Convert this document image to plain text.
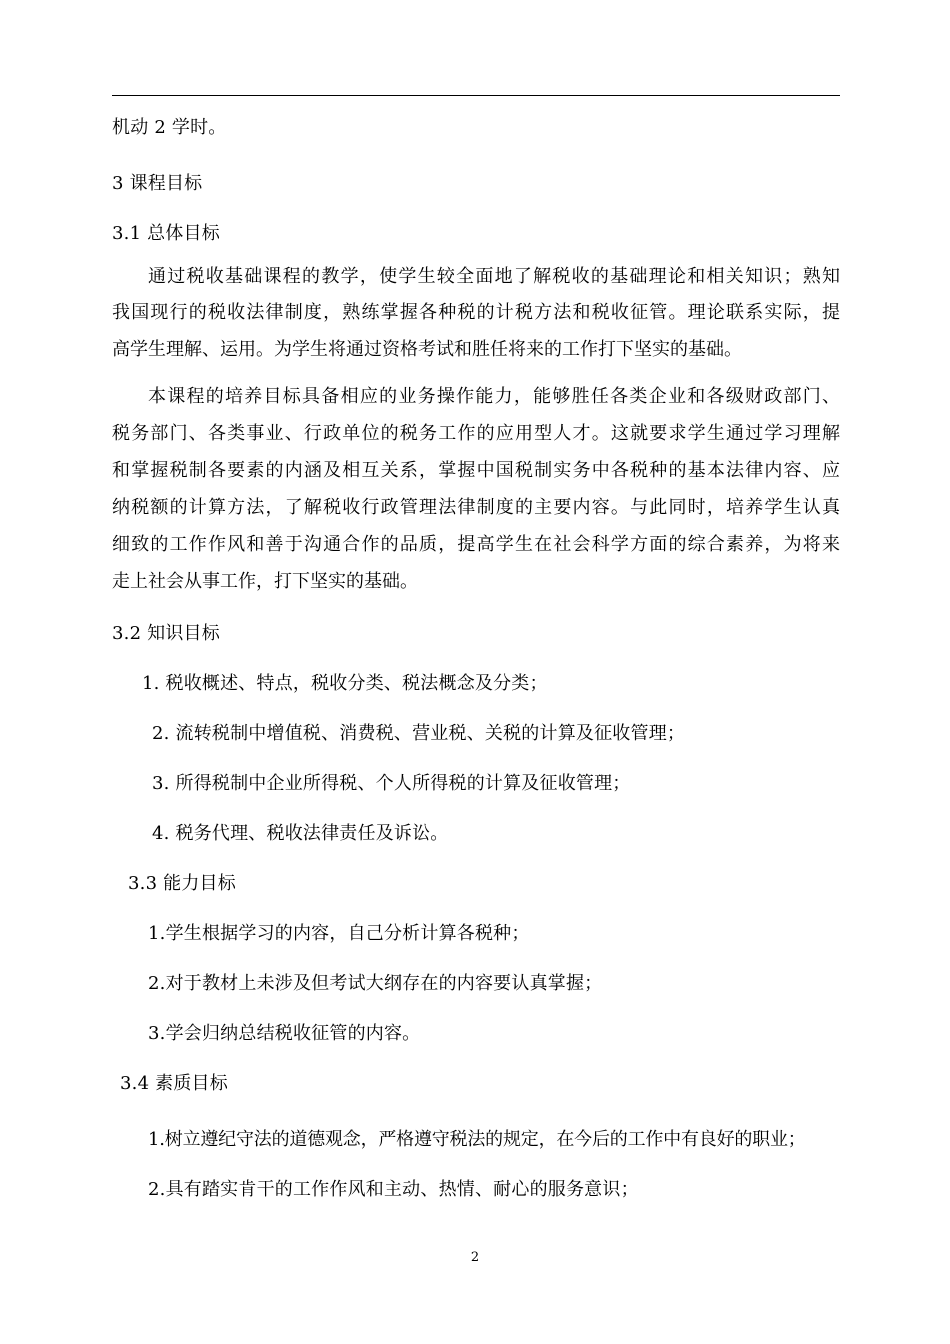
机动 2 学时。
3 课程目标
3.1 总体目标
通过税收基础课程的教学，使学生较全面地了解税收的基础理论和相关知识；熟知
我国现行的税收法律制度，熟练掌握各种税的计税方法和税收征管。理论联系实际，提
高学生理解、运用。为学生将通过资格考试和胜任将来的工作打下坚实的基础。
本课程的培养目标具备相应的业务操作能力，能够胜任各类企业和各级财政部门、
税务部门、各类事业、行政单位的税务工作的应用型人才。这就要求学生通过学习理解
和掌握税制各要素的内涵及相互关系，掌握中国税制实务中各税种的基本法律内容、应
纳税额的计算方法，了解税收行政管理法律制度的主要内容。与此同时，培养学生认真
细致的工作作风和善于沟通合作的品质，提高学生在社会科学方面的综合素养，为将来
走上社会从事工作，打下坚实的基础。
3.2 知识目标
1. 税收概述、特点，税收分类、税法概念及分类；
2. 流转税制中增值税、消费税、营业税、关税的计算及征收管理；
3. 所得税制中企业所得税、个人所得税的计算及征收管理；
4. 税务代理、税收法律责任及诉讼。
3.3 能力目标
1.学生根据学习的内容，自己分析计算各税种；
2.对于教材上未涉及但考试大纲存在的内容要认真掌握；
3.学会归纳总结税收征管的内容。
3.4 素质目标
1.树立遵纪守法的道德观念，严格遵守税法的规定，在今后的工作中有良好的职业；
2.具有踏实肯干的工作作风和主动、热情、耐心的服务意识；
2
